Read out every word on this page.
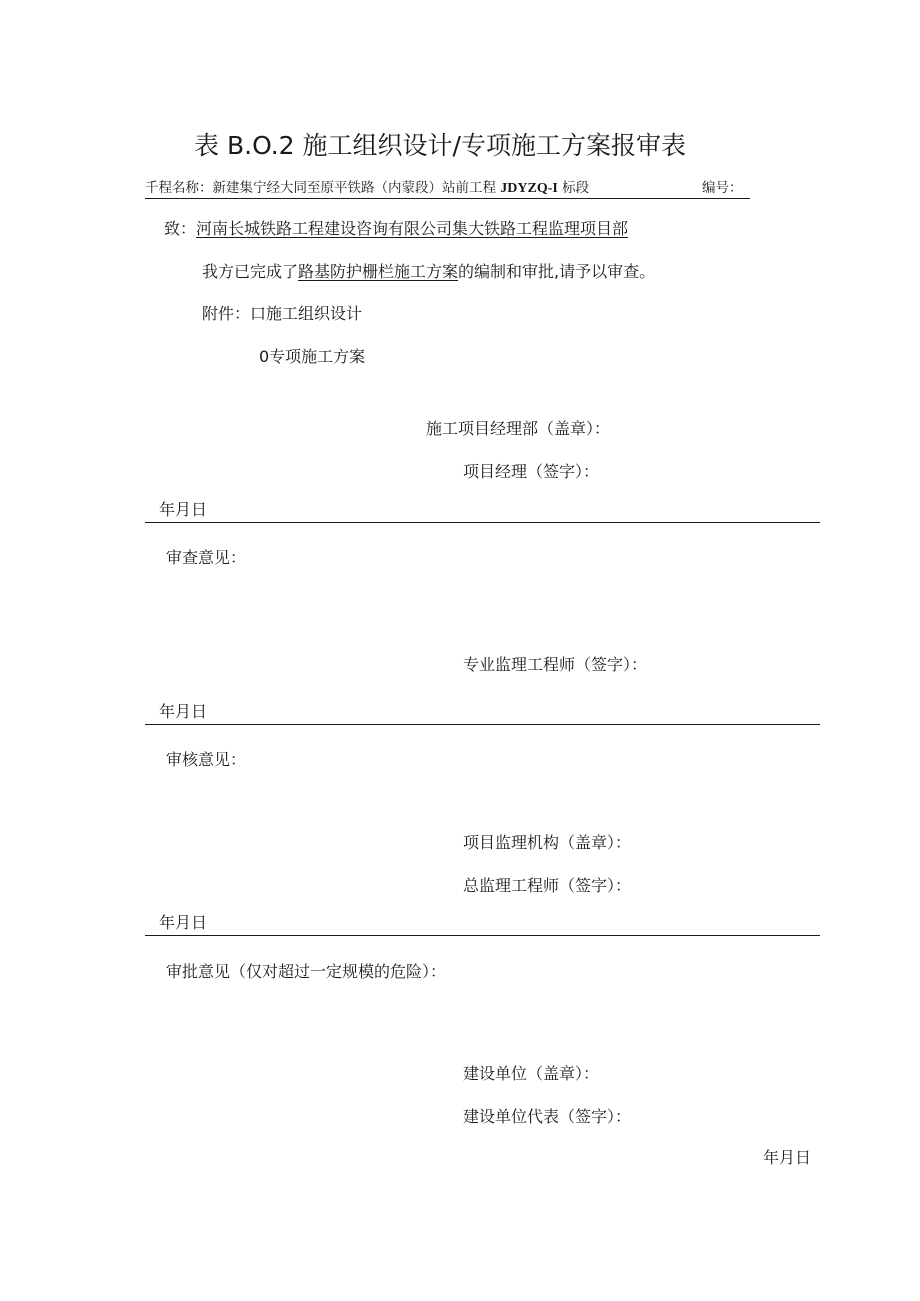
表 B.O.2 施工组织设计/专项施工方案报审表
千程名称：新建集宁经大同至原平铁路（内蒙段）站前工程 JDYZQ-I 标段	编号：
致：河南长城铁路工程建设咨询有限公司集大铁路工程监理项目部
我方已完成了路基防护栅栏施工方案的编制和审批,请予以审查。
附件：口施工组织设计
0专项施工方案
施工项目经理部（盖章）：
项目经理（签字）：
年月日
审查意见：
专业监理工程师（签字）：
年月日
审核意见：
项目监理机构（盖章）：
总监理工程师（签字）：
年月日
审批意见（仅对超过一定规模的危险）：
建设单位（盖章）：
建设单位代表（签字）：
年月日
